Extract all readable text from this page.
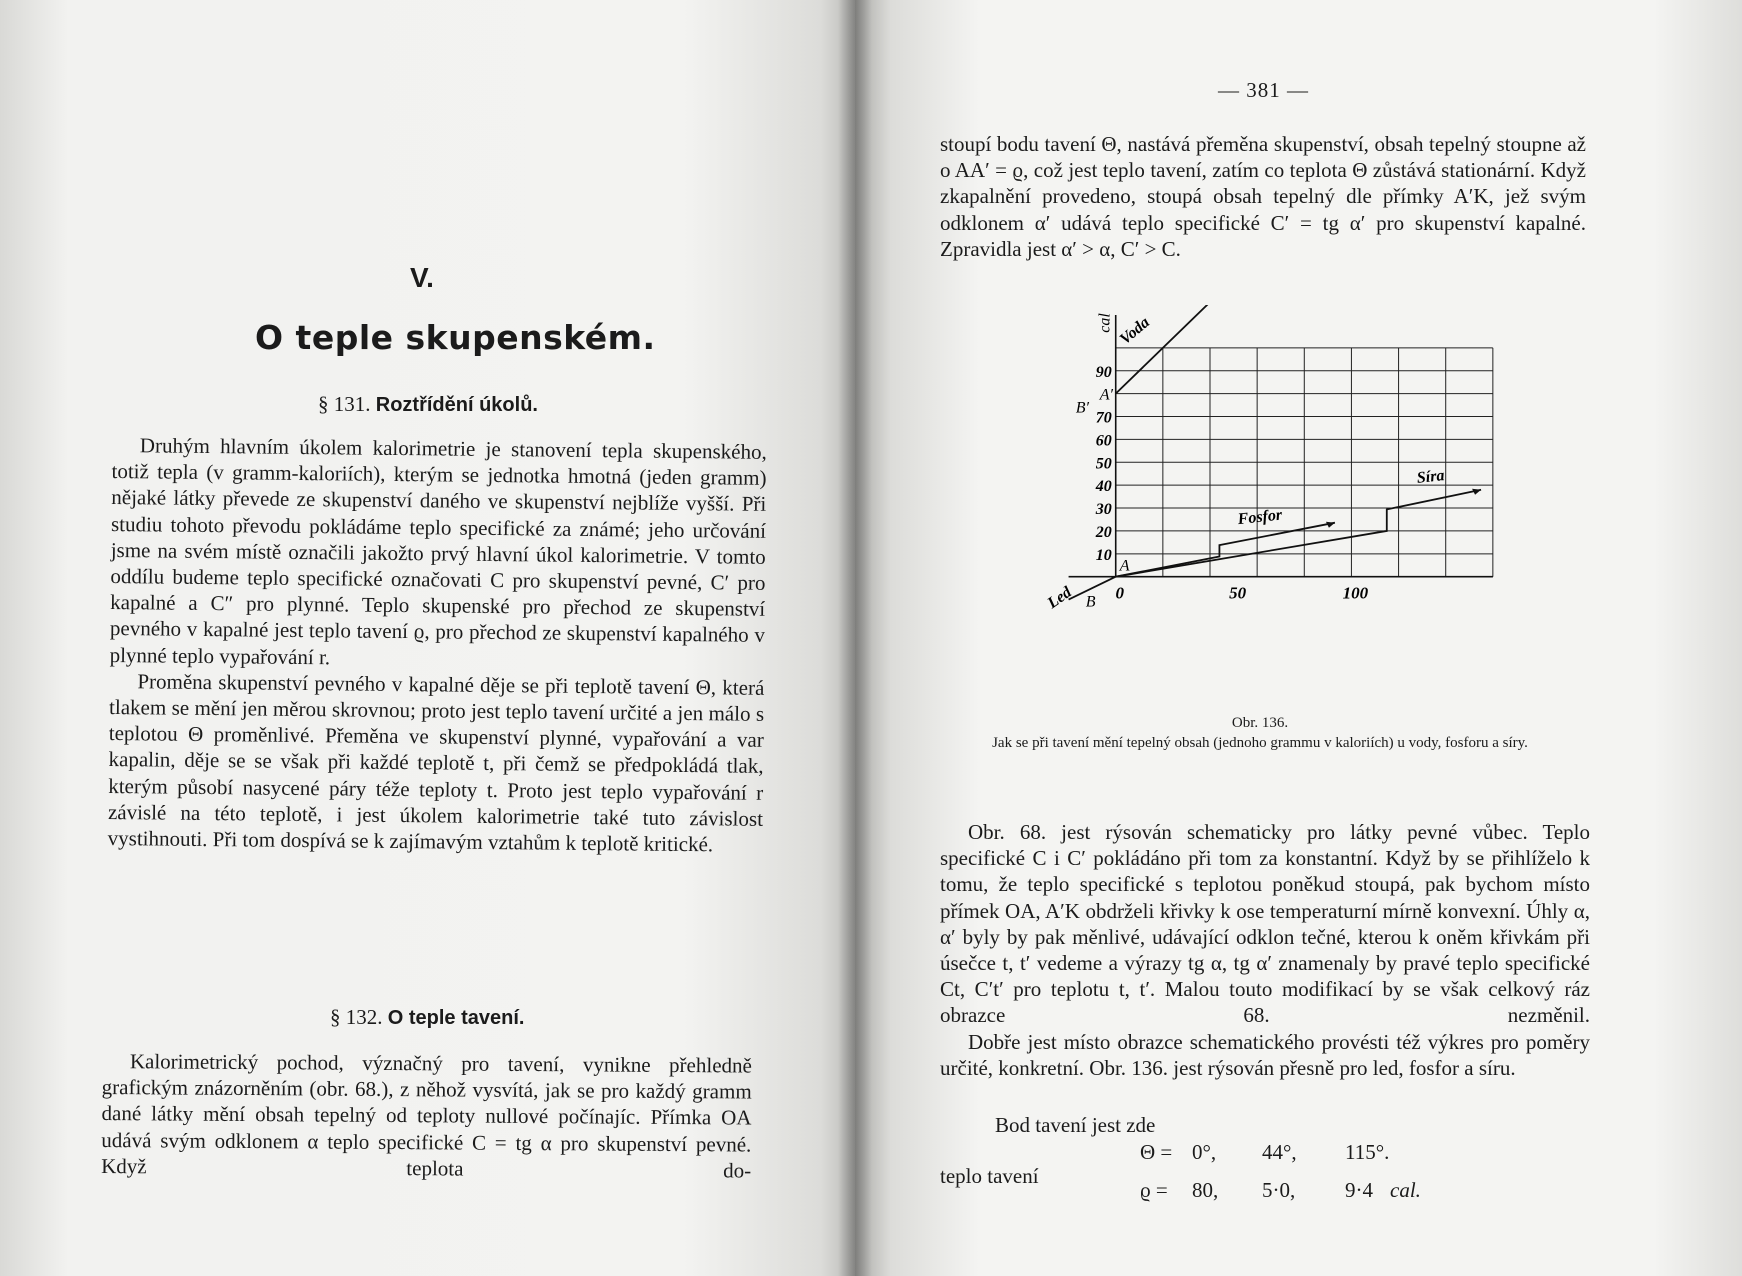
V.
O teple skupenském.
§ 131. Roztřídění úkolů.

Druhým hlavním úkolem kalorimetrie je stanovení tepla skupenského, totiž tepla (v gramm-kaloriích), kterým se jednotka hmotná (jeden gramm) nějaké látky převede ze skupenství daného ve skupenství nejblíže vyšší. Při studiu tohoto převodu pokládáme teplo specifické za známé; jeho určování jsme na svém místě označili jakožto prvý hlavní úkol kalorimetrie. V tomto oddílu budeme teplo specifické označovati C pro skupenství pevné, C′ pro kapalné a C″ pro plynné. Teplo skupenské pro přechod ze skupenství pevného v kapalné jest teplo tavení ϱ, pro přechod ze skupenství kapalného v plynné teplo vypařování r.

Proměna skupenství pevného v kapalné děje se při teplotě tavení Θ, která tlakem se mění jen měrou skrovnou; proto jest teplo tavení určité a jen málo s teplotou Θ proměnlivé. Přeměna ve skupenství plynné, vypařování a var kapalin, děje se se však při každé teplotě t, při čemž se předpokládá tlak, kterým působí nasycené páry téže teploty t. Proto jest teplo vypařování r závislé na této teplotě, i jest úkolem kalorimetrie také tuto závislost vystihnouti. Při tom dospívá se k zajímavým vztahům k teplotě kritické.

§ 132. O teple tavení.

Kalorimetrický pochod, význačný pro tavení, vynikne přehledně grafickým znázorněním (obr. 68.), z něhož vysvítá, jak se pro každý gramm dané látky mění obsah tepelný od teploty nullové počínajíc. Přímka OA udává svým odklonem α teplo specifické C = tg α pro skupenství pevné. Když teplota do-

— 381 —

stoupí bodu tavení Θ, nastává přeměna skupenství, obsah tepelný stoupne až o AA′ = ϱ, což jest teplo tavení, zatím co teplota Θ zůstává stationární. Když zkapalnění provedeno, stoupá obsah tepelný dle přímky A′K, jež svým odklonem α′ udává teplo specifické C′ = tg α′ pro skupenství kapalné. Zpravidla jest α′ > α, C′ > C.

cal
10
20
30
40
50
60
70
90
0	50	100
Led
Voda
Fosfor
Síra
A
A′
B
B′
Obr. 136.
Jak se při tavení mění tepelný obsah (jednoho grammu v kaloriích) u vody, fosforu a síry.

Obr. 68. jest rýsován schematicky pro látky pevné vůbec. Teplo specifické C i C′ pokládáno při tom za konstantní. Když by se přihlíželo k tomu, že teplo specifické s teplotou poněkud stoupá, pak bychom místo přímek OA, A′K obdrželi křivky k ose temperaturní mírně konvexní. Úhly α, α′ byly by pak měnlivé, udávající odklon tečné, kterou k oněm křivkám při úsečce t, t′ vedeme a výrazy tg α, tg α′ znamenaly by pravé teplo specifické Ct, C′t′ pro teplotu t, t′. Malou touto modifikací by se však celkový ráz obrazce 68. nezměnil.

Dobře jest místo obrazce schematického provésti též výkres pro poměry určité, konkretní. Obr. 136. jest rýsován přesně pro led, fosfor a síru.

Bod tavení jest zde
Θ = 0°, 44°, 115°.
teplo tavení
ϱ = 80, 5·0, 9·4 cal.
